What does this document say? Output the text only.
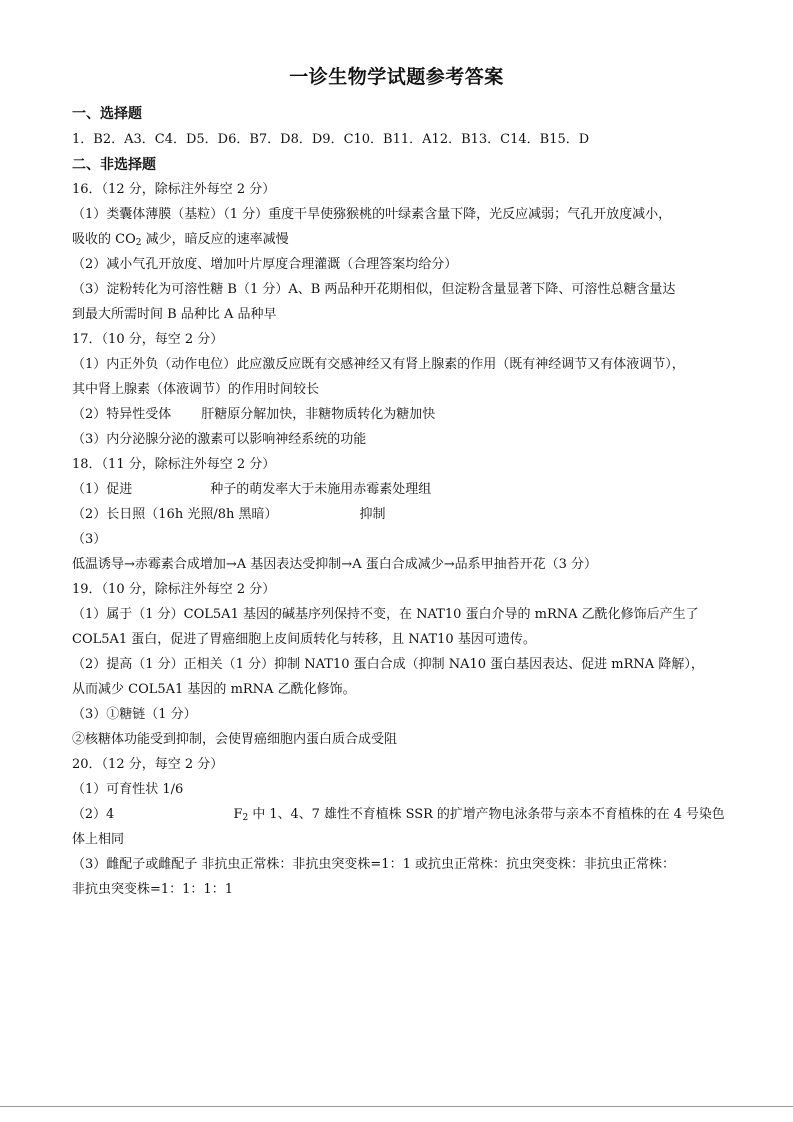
一诊生物学试题参考答案
一、选择题
1．B2．A3．C4．D5．D6．B7．D8．D9．C10．B11．A12．B13．C14．B15．D
二、非选择题
16．（12 分，除标注外每空 2 分）
（1）类囊体薄膜（基粒）（1 分）重度干旱使猕猴桃的叶绿素含量下降，光反应减弱；气孔开放度减小，
吸收的 $CO_2$ 减少，暗反应的速率减慢
（2）减小气孔开放度、增加叶片厚度合理灌溉（合理答案均给分）
（3）淀粉转化为可溶性糖 B（1 分）A、B 两品种开花期相似，但淀粉含量显著下降、可溶性总糖含量达
到最大所需时间 B 品种比 A 品种早
17．（10 分，每空 2 分）
（1）内正外负（动作电位）此应激反应既有交感神经又有肾上腺素的作用（既有神经调节又有体液调节），
其中肾上腺素（体液调节）的作用时间较长
（2）特异性受体 肝糖原分解加快，非糖物质转化为糖加快
（3）内分泌腺分泌的激素可以影响神经系统的功能
18．（11 分，除标注外每空 2 分）
（1）促进	种子的萌发率大于未施用赤霉素处理组
（2）长日照（16h 光照/8h 黑暗）	抑制
（3）
低温诱导→赤霉素合成增加→A 基因表达受抑制→A 蛋白合成减少→品系甲抽苔开花（3 分）
19．（10 分，除标注外每空 2 分）
（1）属于（1 分）COL5A1 基因的碱基序列保持不变，在 NAT10 蛋白介导的 mRNA 乙酰化修饰后产生了
COL5A1 蛋白，促进了胃癌细胞上皮间质转化与转移，且 NAT10 基因可遗传。
（2）提高（1 分）正相关（1 分）抑制 NAT10 蛋白合成（抑制 NA10 蛋白基因表达、促进 mRNA 降解），
从而减少 COL5A1 基因的 mRNA 乙酰化修饰。
（3）①糖链（1 分）
②核糖体功能受到抑制，会使胃癌细胞内蛋白质合成受阻
20．（12 分，每空 2 分）
（1）可育性状 1/6
（2）4	$F_2$ 中 1、4、7 雄性不育植株 SSR 的扩增产物电泳条带与亲本不育植株的在 4 号染色
体上相同
（3）雌配子或雌配子 非抗虫正常株：非抗虫突变株=1：1 或抗虫正常株：抗虫突变株：非抗虫正常株：
非抗虫突变株=1：1：1：1
